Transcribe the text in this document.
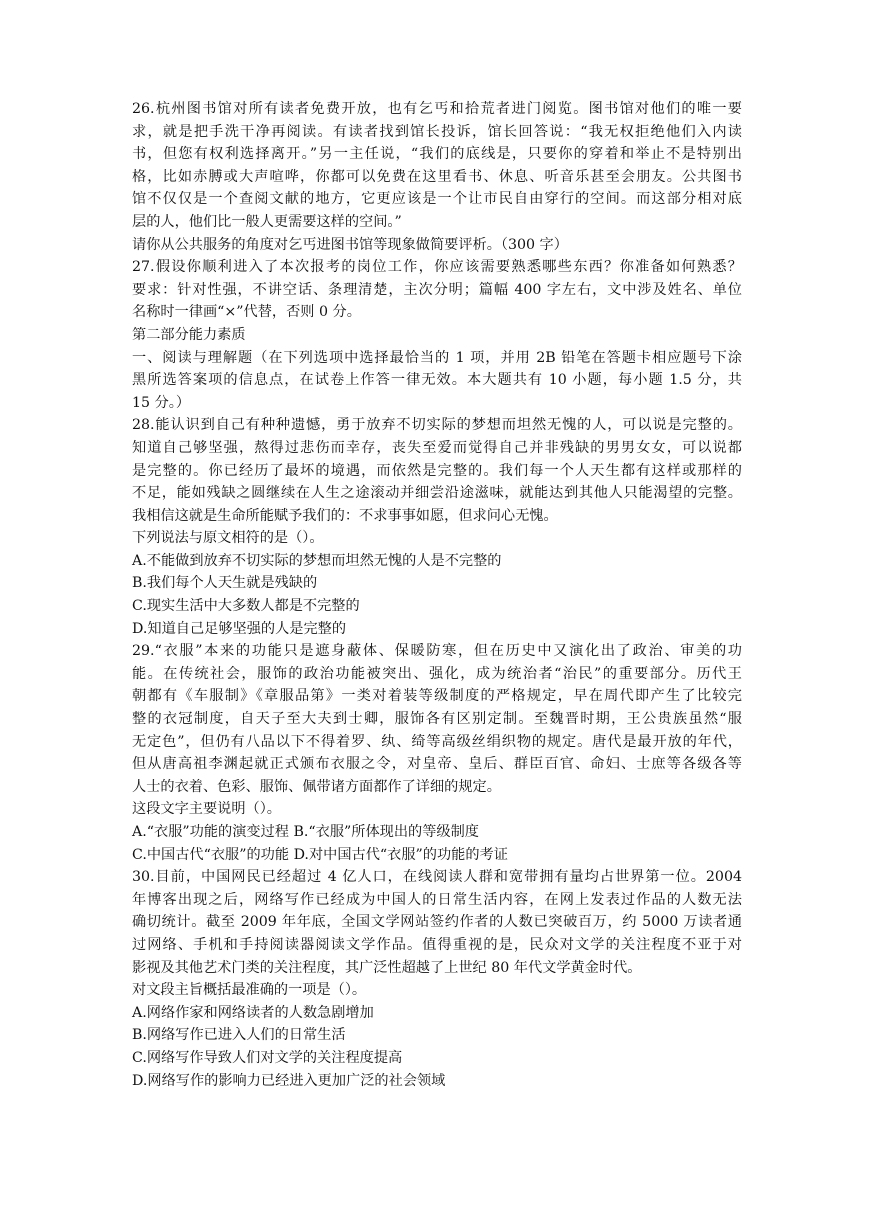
26.杭州图书馆对所有读者免费开放，也有乞丐和拾荒者进门阅览。图书馆对他们的唯一要
求，就是把手洗干净再阅读。有读者找到馆长投诉，馆长回答说：“我无权拒绝他们入内读
书，但您有权利选择离开。”另一主任说，“我们的底线是，只要你的穿着和举止不是特别出
格，比如赤膊或大声喧哗，你都可以免费在这里看书、休息、听音乐甚至会朋友。公共图书
馆不仅仅是一个查阅文献的地方，它更应该是一个让市民自由穿行的空间。而这部分相对底
层的人，他们比一般人更需要这样的空间。”
请你从公共服务的角度对乞丐进图书馆等现象做简要评析。（300 字）
27.假设你顺利进入了本次报考的岗位工作，你应该需要熟悉哪些东西？你准备如何熟悉？
要求：针对性强，不讲空话、条理清楚，主次分明；篇幅 400 字左右，文中涉及姓名、单位
名称时一律画“×”代替，否则 0 分。
第二部分能力素质
一、阅读与理解题（在下列选项中选择最恰当的 1 项，并用 2B 铅笔在答题卡相应题号下涂
黑所选答案项的信息点，在试卷上作答一律无效。本大题共有 10 小题，每小题 1.5 分，共
15 分。）
28.能认识到自己有种种遗憾，勇于放弃不切实际的梦想而坦然无愧的人，可以说是完整的。
知道自己够坚强，熬得过悲伤而幸存，丧失至爱而觉得自己并非残缺的男男女女，可以说都
是完整的。你已经历了最坏的境遇，而依然是完整的。我们每一个人天生都有这样或那样的
不足，能如残缺之圆继续在人生之途滚动并细尝沿途滋味，就能达到其他人只能渴望的完整。
我相信这就是生命所能赋予我们的：不求事事如愿，但求问心无愧。
下列说法与原文相符的是（）。
A.不能做到放弃不切实际的梦想而坦然无愧的人是不完整的
B.我们每个人天生就是残缺的
C.现实生活中大多数人都是不完整的
D.知道自己足够坚强的人是完整的
29.“衣服”本来的功能只是遮身蔽体、保暖防寒，但在历史中又演化出了政治、审美的功
能。在传统社会，服饰的政治功能被突出、强化，成为统治者“治民”的重要部分。历代王
朝都有《车服制》《章服品第》一类对着装等级制度的严格规定，早在周代即产生了比较完
整的衣冠制度，自天子至大夫到士卿，服饰各有区别定制。至魏晋时期，王公贵族虽然“服
无定色”，但仍有八品以下不得着罗、纨、绮等高级丝绢织物的规定。唐代是最开放的年代，
但从唐高祖李渊起就正式颁布衣服之令，对皇帝、皇后、群臣百官、命妇、士庶等各级各等
人士的衣着、色彩、服饰、佩带诸方面都作了详细的规定。
这段文字主要说明（）。
A.“衣服”功能的演变过程 B.“衣服”所体现出的等级制度
C.中国古代“衣服”的功能 D.对中国古代“衣服”的功能的考证
30.目前，中国网民已经超过 4 亿人口，在线阅读人群和宽带拥有量均占世界第一位。2004
年博客出现之后，网络写作已经成为中国人的日常生活内容，在网上发表过作品的人数无法
确切统计。截至 2009 年年底，全国文学网站签约作者的人数已突破百万，约 5000 万读者通
过网络、手机和手持阅读器阅读文学作品。值得重视的是，民众对文学的关注程度不亚于对
影视及其他艺术门类的关注程度，其广泛性超越了上世纪 80 年代文学黄金时代。
对文段主旨概括最准确的一项是（）。
A.网络作家和网络读者的人数急剧增加
B.网络写作已进入人们的日常生活
C.网络写作导致人们对文学的关注程度提高
D.网络写作的影响力已经进入更加广泛的社会领域
